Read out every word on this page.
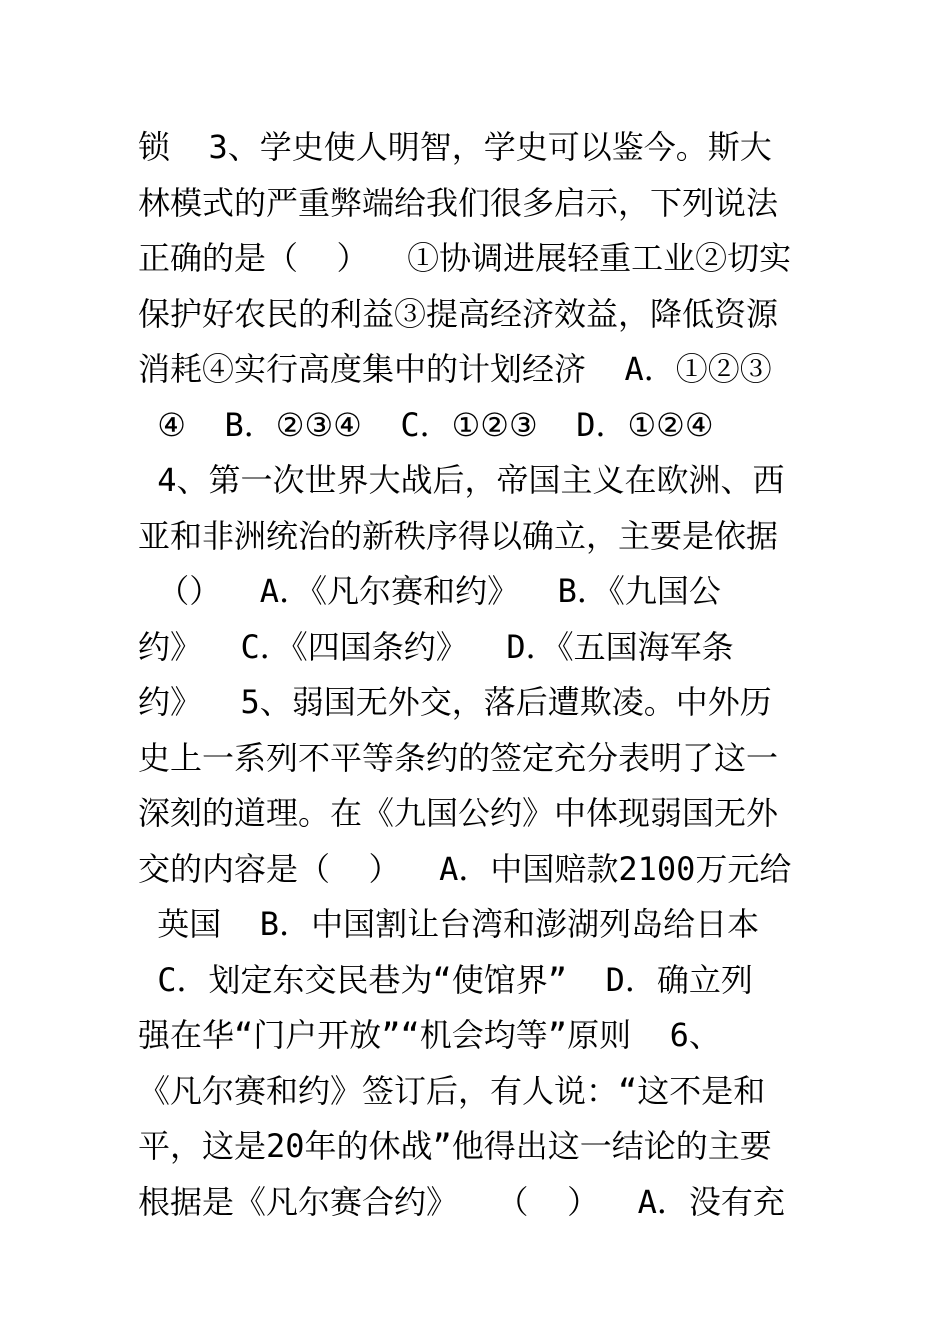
锁  3、学史使人明智，学史可以鉴今。斯大
林模式的严重弊端给我们很多启示，下列说法
正确的是（  ）  ①协调进展轻重工业②切实
保护好农民的利益③提高经济效益，降低资源
消耗④实行高度集中的计划经济  A．①②③
④  B．②③④  C．①②③  D．①②④
4、第一次世界大战后，帝国主义在欧洲、西
亚和非洲统治的新秩序得以确立，主要是依据
（）  A．《凡尔赛和约》  B．《九国公
约》  C．《四国条约》  D．《五国海军条
约》  5、弱国无外交，落后遭欺凌。中外历
史上一系列不平等条约的签定充分表明了这一
深刻的道理。在《九国公约》中体现弱国无外
交的内容是（  ）  A．中国赔款2100万元给
英国  B．中国割让台湾和澎湖列岛给日本
C．划定东交民巷为“使馆界”  D．确立列
强在华“门户开放”“机会均等”原则  6、
《凡尔赛和约》签订后，有人说：“这不是和
平，这是20年的休战”他得出这一结论的主要
根据是《凡尔赛合约》  （  ）  A．没有充
